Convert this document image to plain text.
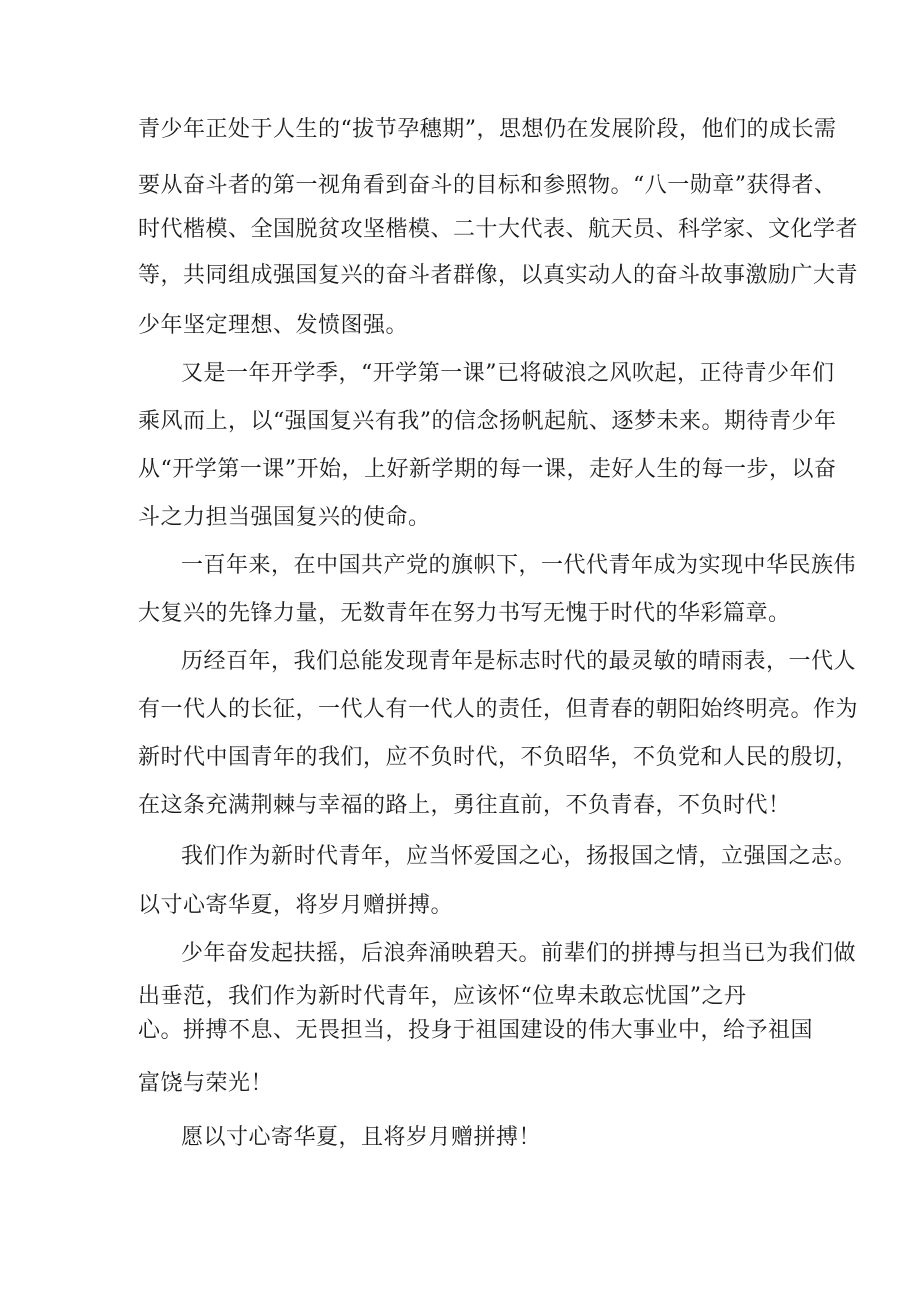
青少年正处于人生的“拔节孕穗期”，思想仍在发展阶段，他们的成长需
要从奋斗者的第一视角看到奋斗的目标和参照物。“八一勋章”获得者、
时代楷模、全国脱贫攻坚楷模、二十大代表、航天员、科学家、文化学者
等，共同组成强国复兴的奋斗者群像，以真实动人的奋斗故事激励广大青
少年坚定理想、发愤图强。
又是一年开学季，“开学第一课”已将破浪之风吹起，正待青少年们
乘风而上，以“强国复兴有我”的信念扬帆起航、逐梦未来。期待青少年
从“开学第一课”开始，上好新学期的每一课，走好人生的每一步，以奋
斗之力担当强国复兴的使命。
一百年来，在中国共产党的旗帜下，一代代青年成为实现中华民族伟
大复兴的先锋力量，无数青年在努力书写无愧于时代的华彩篇章。
历经百年，我们总能发现青年是标志时代的最灵敏的晴雨表，一代人
有一代人的长征，一代人有一代人的责任，但青春的朝阳始终明亮。作为
新时代中国青年的我们，应不负时代，不负昭华，不负党和人民的殷切，
在这条充满荆棘与幸福的路上，勇往直前，不负青春，不负时代！
我们作为新时代青年，应当怀爱国之心，扬报国之情，立强国之志。
以寸心寄华夏，将岁月赠拼搏。
少年奋发起扶摇，后浪奔涌映碧天。前辈们的拼搏与担当已为我们做
出垂范，我们作为新时代青年，应该怀“位卑未敢忘忧国”之丹
心。拼搏不息、无畏担当，投身于祖国建设的伟大事业中，给予祖国
富饶与荣光！
愿以寸心寄华夏，且将岁月赠拼搏！
